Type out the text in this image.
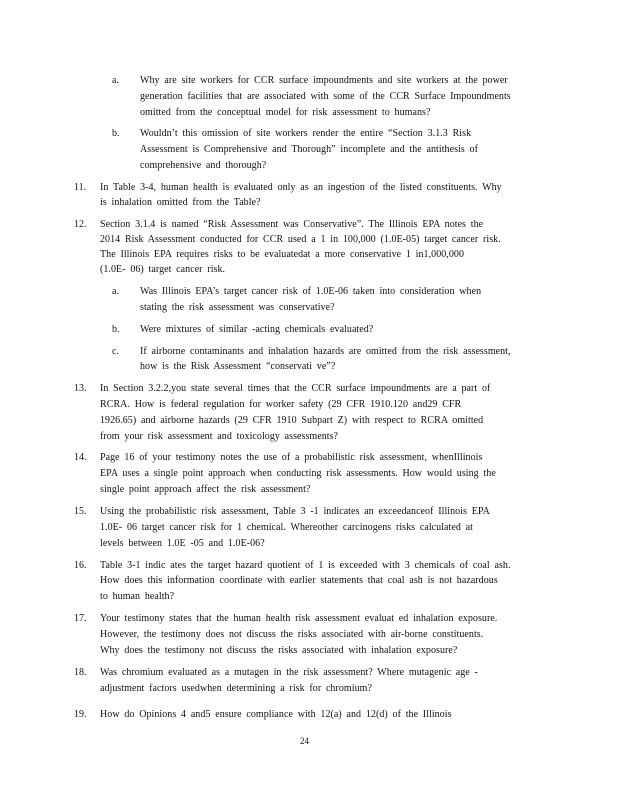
a. Why are site workers for CCR surface impoundments and site workers at the power
generation facilities that are associated with some of the CCR Surface Impoundments
omitted from the conceptual model for risk assessment to humans?
b. Wouldn’t this omission of site workers render the entire “Section 3.1.3 Risk
Assessment is Comprehensive and Thorough” incomplete and the antithesis of
comprehensive and thorough?
11. In Table 3-4, human health is evaluated only as an ingestion of the listed constituents. Why
is inhalation omitted from the Table?
12. Section 3.1.4 is named “Risk Assessment was Conservative”. The Illinois EPA notes the
2014 Risk Assessment conducted for CCR used a 1 in 100,000 (1.0E-05) target cancer risk.
The Illinois EPA requires risks to be evaluatedat a more conservative 1 in1,000,000
(1.0E- 06) target cancer risk.
a. Was Illinois EPA’s target cancer risk of 1.0E-06 taken into consideration when
stating the risk assessment was conservative?
b. Were mixtures of similar -acting chemicals evaluated?
c. If airborne contaminants and inhalation hazards are omitted from the risk assessment,
how is the Risk Assessment “conservati ve”?
13. In Section 3.2.2,you state several times that the CCR surface impoundments are a part of
RCRA. How is federal regulation for worker safety (29 CFR 1910.120 and29 CFR
1926.65) and airborne hazards (29 CFR 1910 Subpart Z) with respect to RCRA omitted
from your risk assessment and toxicology assessments?
14. Page 16 of your testimony notes the use of a probabilistic risk assessment, whenIllinois
EPA uses a single point approach when conducting risk assessments. How would using the
single point approach affect the risk assessment?
15. Using the probabilistic risk assessment, Table 3 -1 indicates an exceedanceof Illinois EPA
1.0E- 06 target cancer risk for 1 chemical. Whereother carcinogens risks calculated at
levels between 1.0E -05 and 1.0E-06?
16. Table 3-1 indic ates the target hazard quotient of 1 is exceeded with 3 chemicals of coal ash.
How does this information coordinate with earlier statements that coal ash is not hazardous
to human health?
17. Your testimony states that the human health risk assessment evaluat ed inhalation exposure.
However, the testimony does not discuss the risks associated with air-borne constituents.
Why does the testimony not discuss the risks associated with inhalation exposure?
18. Was chromium evaluated as a mutagen in the risk assessment? Where mutagenic age -
adjustment factors usedwhen determining a risk for chromium?
19. How do Opinions 4 and5 ensure compliance with 12(a) and 12(d) of the Illinois
24
